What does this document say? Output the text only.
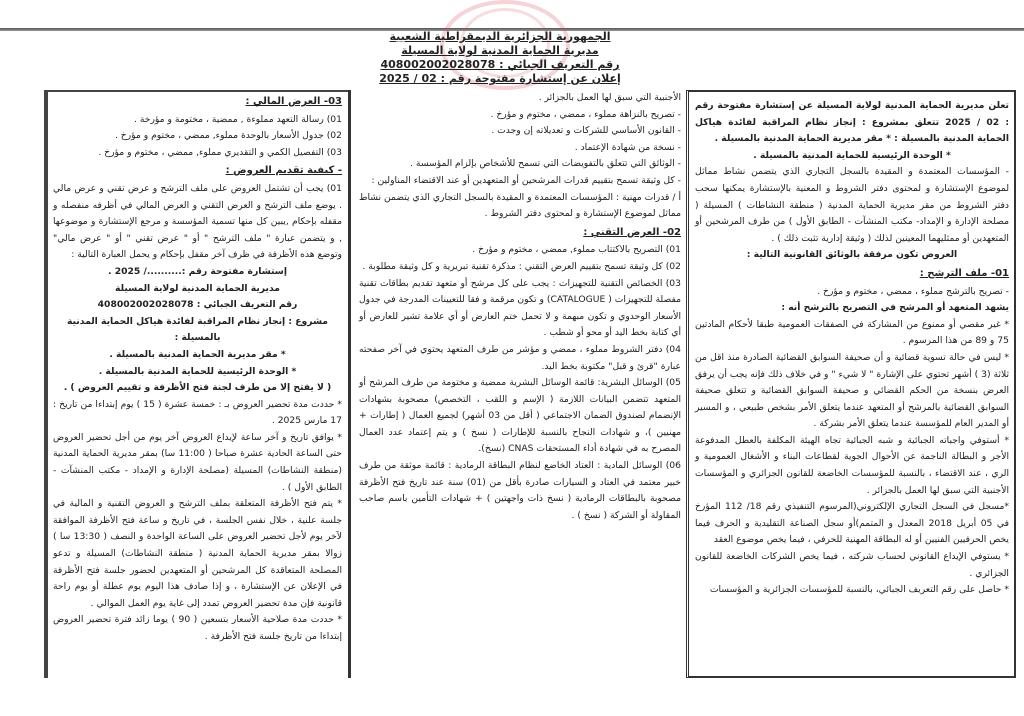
الجمهورية الجزائرية الديمقراطية الشعبية
مديرية الحماية المدنية لولاية المسيلة
رقم التعريف الجبائي : 408002002028078
إعلان عن إستشارة مفتوحة رقم : 02 / 2025
تعلن مديرية الحماية المدنية لولاية المسيلة عن إستشارة مفتوحة رقم : 02 / 2025 تتعلق بمشروع : إنجاز نظام المراقبة لفائدة هياكل الحماية المدنية بالمسيلة : * مقر مديرية الحماية المدنية بالمسيلة .
* الوحدة الرئيسية للحماية المدنية بالمسيلة .
- المؤسسات المعتمدة و المقيدة بالسجل التجاري الذي يتضمن نشاط مماثل لموضوع الإستشارة و لمحتوى دفتر الشروط و المعنية بالإستشارة يمكنها سحب دفتر الشروط من مقر مديرية الحماية المدنية ( منطقة النشاطات ) المسيلة ( مصلحة الإدارة و الإمداد- مكتب المنشآت - الطابق الأول ) من طرف المرشحين أو المتعهدين أو ممثليهما المعينين لذلك ( وثيقة إدارية تثبت ذلك ) .
العروض تكون مرفقة بالوثائق القانونية التالية :
01- ملف الترشح :
- تصريح بالترشح مملوء ، ممضي ، مختوم و مؤرخ .
يشهد المتعهد أو المرشح في التصريح بالترشح أنه :
* غير مقصي أو ممنوع من المشاركة في الصفقات العمومية طبقا لأحكام المادتين 75 و 89 من هذا المرسوم .
* ليس في حالة تسوية قضائية و أن صحيفة السوابق القضائية الصادرة منذ اقل من ثلاثة (3 ) أشهر تحتوي على الإشارة " لا شيء " و في خلاف ذلك فإنه يجب أن يرفق العرض بنسخة من الحكم القضائي و صحيفة السوابق القضائية و تتعلق صحيفة السوابق القضائية بالمرشح أو المتعهد عندما يتعلق الأمر بشخص طبيعي ، و المسير أو المدير العام للمؤسسة عندما يتعلق الأمر بشركة .
* أستوفي واجباته الجبائية و شبه الجبائية تجاه الهيئة المكلفة بالعطل المدفوعة الأجر و البطالة الناجمة عن الأحوال الجوية لقطاعات البناء و الأشغال العمومية و الري ، عند الاقتضاء ، بالنسبة للمؤسسات الخاضعة للقانون الجزائري و المؤسسات الأجنبية التي سبق لها العمل بالجزائر .
*مسجل في السجل التجاري الإلكتروني(المرسوم التنفيذي رقم 18/ 112 المؤرخ في 05 أبريل 2018 المعدل و المتمم)أو سجل الصناعة التقليدية و الحرف فيما يخص الحرفيين الفنيين أو له البطاقة المهنية للحرفي ، فيما يخص موضوع العقد
* يستوفي الإيداع القانوني لحساب شركته ، فيما يخص الشركات الخاضعة للقانون الجزائري .
* حاصل على رقم التعريف الجبائي، بالنسبة للمؤسسات الجزائرية و المؤسسات
الأجنبية التي سبق لها العمل بالجزائر .
- تصريح بالنزاهة مملوء ، ممضي ، مختوم و مؤرخ .
- القانون الأساسي للشركات و تعديلاته إن وجدت .
- نسخة من شهادة الإعتماد .
- الوثائق التي تتعلق بالتفويضات التي تسمح للأشخاص بإلزام المؤسسة .
- كل وثيقة تسمح بتقييم قدرات المرشحين أو المتعهدين أو عند الاقتضاء المناولين :
أ / قدرات مهنية : المؤسسات المعتمدة و المقيدة بالسجل التجاري الذي يتضمن نشاط مماثل لموضوع الإستشارة و لمحتوى دفتر الشروط .
02- العرض التقني :
01) التصريح بالاكتتاب مملوء, ممضي ، مختوم و مؤرخ .
02) كل وثيقة تسمح بتقييم العرض التقني : مذكرة تقنية تبريرية و كل وثيقة مطلوبة .
03) الخصائص التقنية للتجهيزات : يجب على كل مرشح أو متعهد تقديم بطاقات تقنية مفصلة للتجهيزات ( CATALOGUE) و تكون مرقمة و فقا للتعيينات المدرجة في جدول الأسعار الوحدوي و تكون مبهمة و لا تحمل ختم العارض أو أي علامة تشير للعارض أو أي كتابة بخط اليد أو محو أو شطب .
04) دفتر الشروط مملوء ، ممضي و مؤشر من طرف المتعهد يحتوي في آخر صفحته عبارة "قرئ و قبل" مكتوبة بخط اليد.
05) الوسائل البشرية: قائمة الوسائل البشرية ممضية و مختومة من طرف المرشح أو المتعهد تتضمن البيانات اللازمة ( الإسم و اللقب ، التخصص) مصحوبة بشهادات الإنضمام لصندوق الضمان الاجتماعي ( أقل من 03 أشهر) لجميع العمال ( إطارات + مهنيين )، و شهادات النجاح بالنسبة للإطارات ( نسخ ) و يتم إعتماد عدد العمال المصرح به في شهادة أداء المستحقات CNAS (نسخ).
06) الوسائل المادية : العتاد الخاضع لنظام البطاقة الرمادية : قائمة موثقة من طرف خبير معتمد في العتاد و السيارات صادرة بأقل من (01) سنة عند تاريخ فتح الأظرفة مصحوبة بالبطاقات الرمادية ( نسخ ذات واجهتين ) + شهادات التأمين باسم صاحب المقاولة أو الشركة ( نسخ ) .
03- العرض المالي :
01) رسالة التعهد مملوءة , ممضية ، مختومة و مؤرخة .
02) جدول الأسعار بالوحدة مملوء, ممضي ، مختوم و مؤرخ .
03) التفصيل الكمي و التقديري مملوء, ممضي ، مختوم و مؤرخ .
- كيفية تقديم العروض :
01) يجب أن تشتمل العروض على ملف الترشح و عرض تقني و عرض مالي . يوضع ملف الترشح و العرض التقني و العرض المالي في أظرفه منفصله و مقفله بإحكام ,يبين كل منها تسمية المؤسسة و مرجع الإستشارة و موضوعها , و يتضمن عبارة " ملف الترشح " أو " عرض تقني " أو " عرض مالي" وتوضع هذه الأظرفة في ظرف آخر مقفل بإحكام و يحمل العبارة التالية :
إستشارة مفتوحة رقم :........../ 2025 .
مديرية الحماية المدنية لولاية المسيلة
رقم التعريف الجبائي : 408002002028078
مشروع : إنجاز نظام المراقبة لفائدة هياكل الحماية المدنية بالمسيلة :
* مقر مديرية الحماية المدنية بالمسيلة .
* الوحدة الرئيسية للحماية المدنية بالمسيلة .
( لا يفتح إلا من طرف لجنة فتح الأظرفة و تقييم العروض ) .
* حددت مدة تحضير العروض بـ : خمسة عشرة ( 15 ) يوم إبتداءا من تاريخ : 17 مارس 2025 .
* يوافق تاريخ و آخر ساعة لإيداع العروض آخر يوم من أجل تحضير العروض حتى الساعة الحادية عشرة صباحا ( 11:00 سا) بمقر مديرية الحماية المدنية (منطقة النشاطات) المسيلة (مصلحة الإدارة و الإمداد - مكتب المنشآت - الطابق الأول ) .
* يتم فتح الأظرفة المتعلقة بملف الترشح و العروض التقنية و المالية في جلسة علنية ، خلال نفس الجلسة ، في تاريخ و ساعة فتح الأظرفة الموافقة لآخر يوم لأجل تحضير العروض على الساعة الواحدة و النصف ( 13:30 سا ) زوالا بمقر مديرية الحماية المدنية ( منطقة النشاطات) المسيلة و تدعو المصلحة المتعاقدة كل المرشحين أو المتعهدين لحضور جلسة فتح الأظرفة في الإعلان عن الإستشارة ، و إذا صادف هذا اليوم يوم عطلة أو يوم راحة قانونية فإن مدة تحضير العروض تمدد إلى غاية يوم العمل الموالي .
* حددت مدة صلاحية الأسعار بتسعين ( 90 ) يوما زائد فترة تحضير العروض إبتداءا من تاريخ جلسة فتح الأظرفة .
